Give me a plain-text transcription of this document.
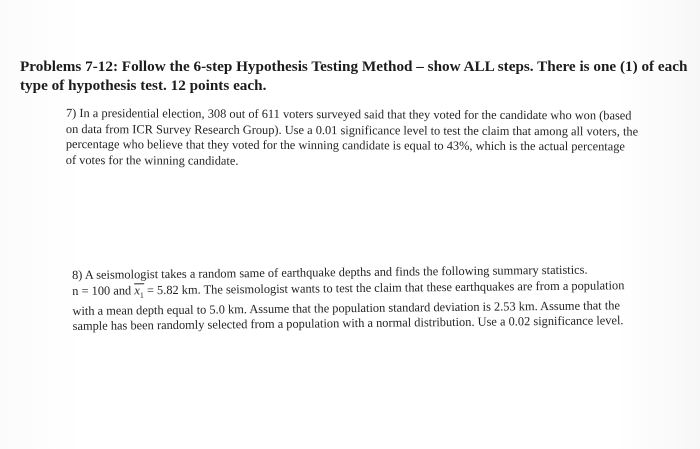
Problems 7-12: Follow the 6-step Hypothesis Testing Method – show ALL steps. There is one (1) of each
type of hypothesis test. 12 points each.
7) In a presidential election, 308 out of 611 voters surveyed said that they voted for the candidate who won (based
on data from ICR Survey Research Group). Use a 0.01 significance level to test the claim that among all voters, the
percentage who believe that they voted for the winning candidate is equal to 43%, which is the actual percentage
of votes for the winning candidate.
8) A seismologist takes a random same of earthquake depths and finds the following summary statistics.
n = 100 and $x_1 = 5.82$ km. The seismologist wants to test the claim that these earthquakes are from a population
with a mean depth equal to 5.0 km. Assume that the population standard deviation is 2.53 km. Assume that the
sample has been randomly selected from a population with a normal distribution. Use a 0.02 significance level.
